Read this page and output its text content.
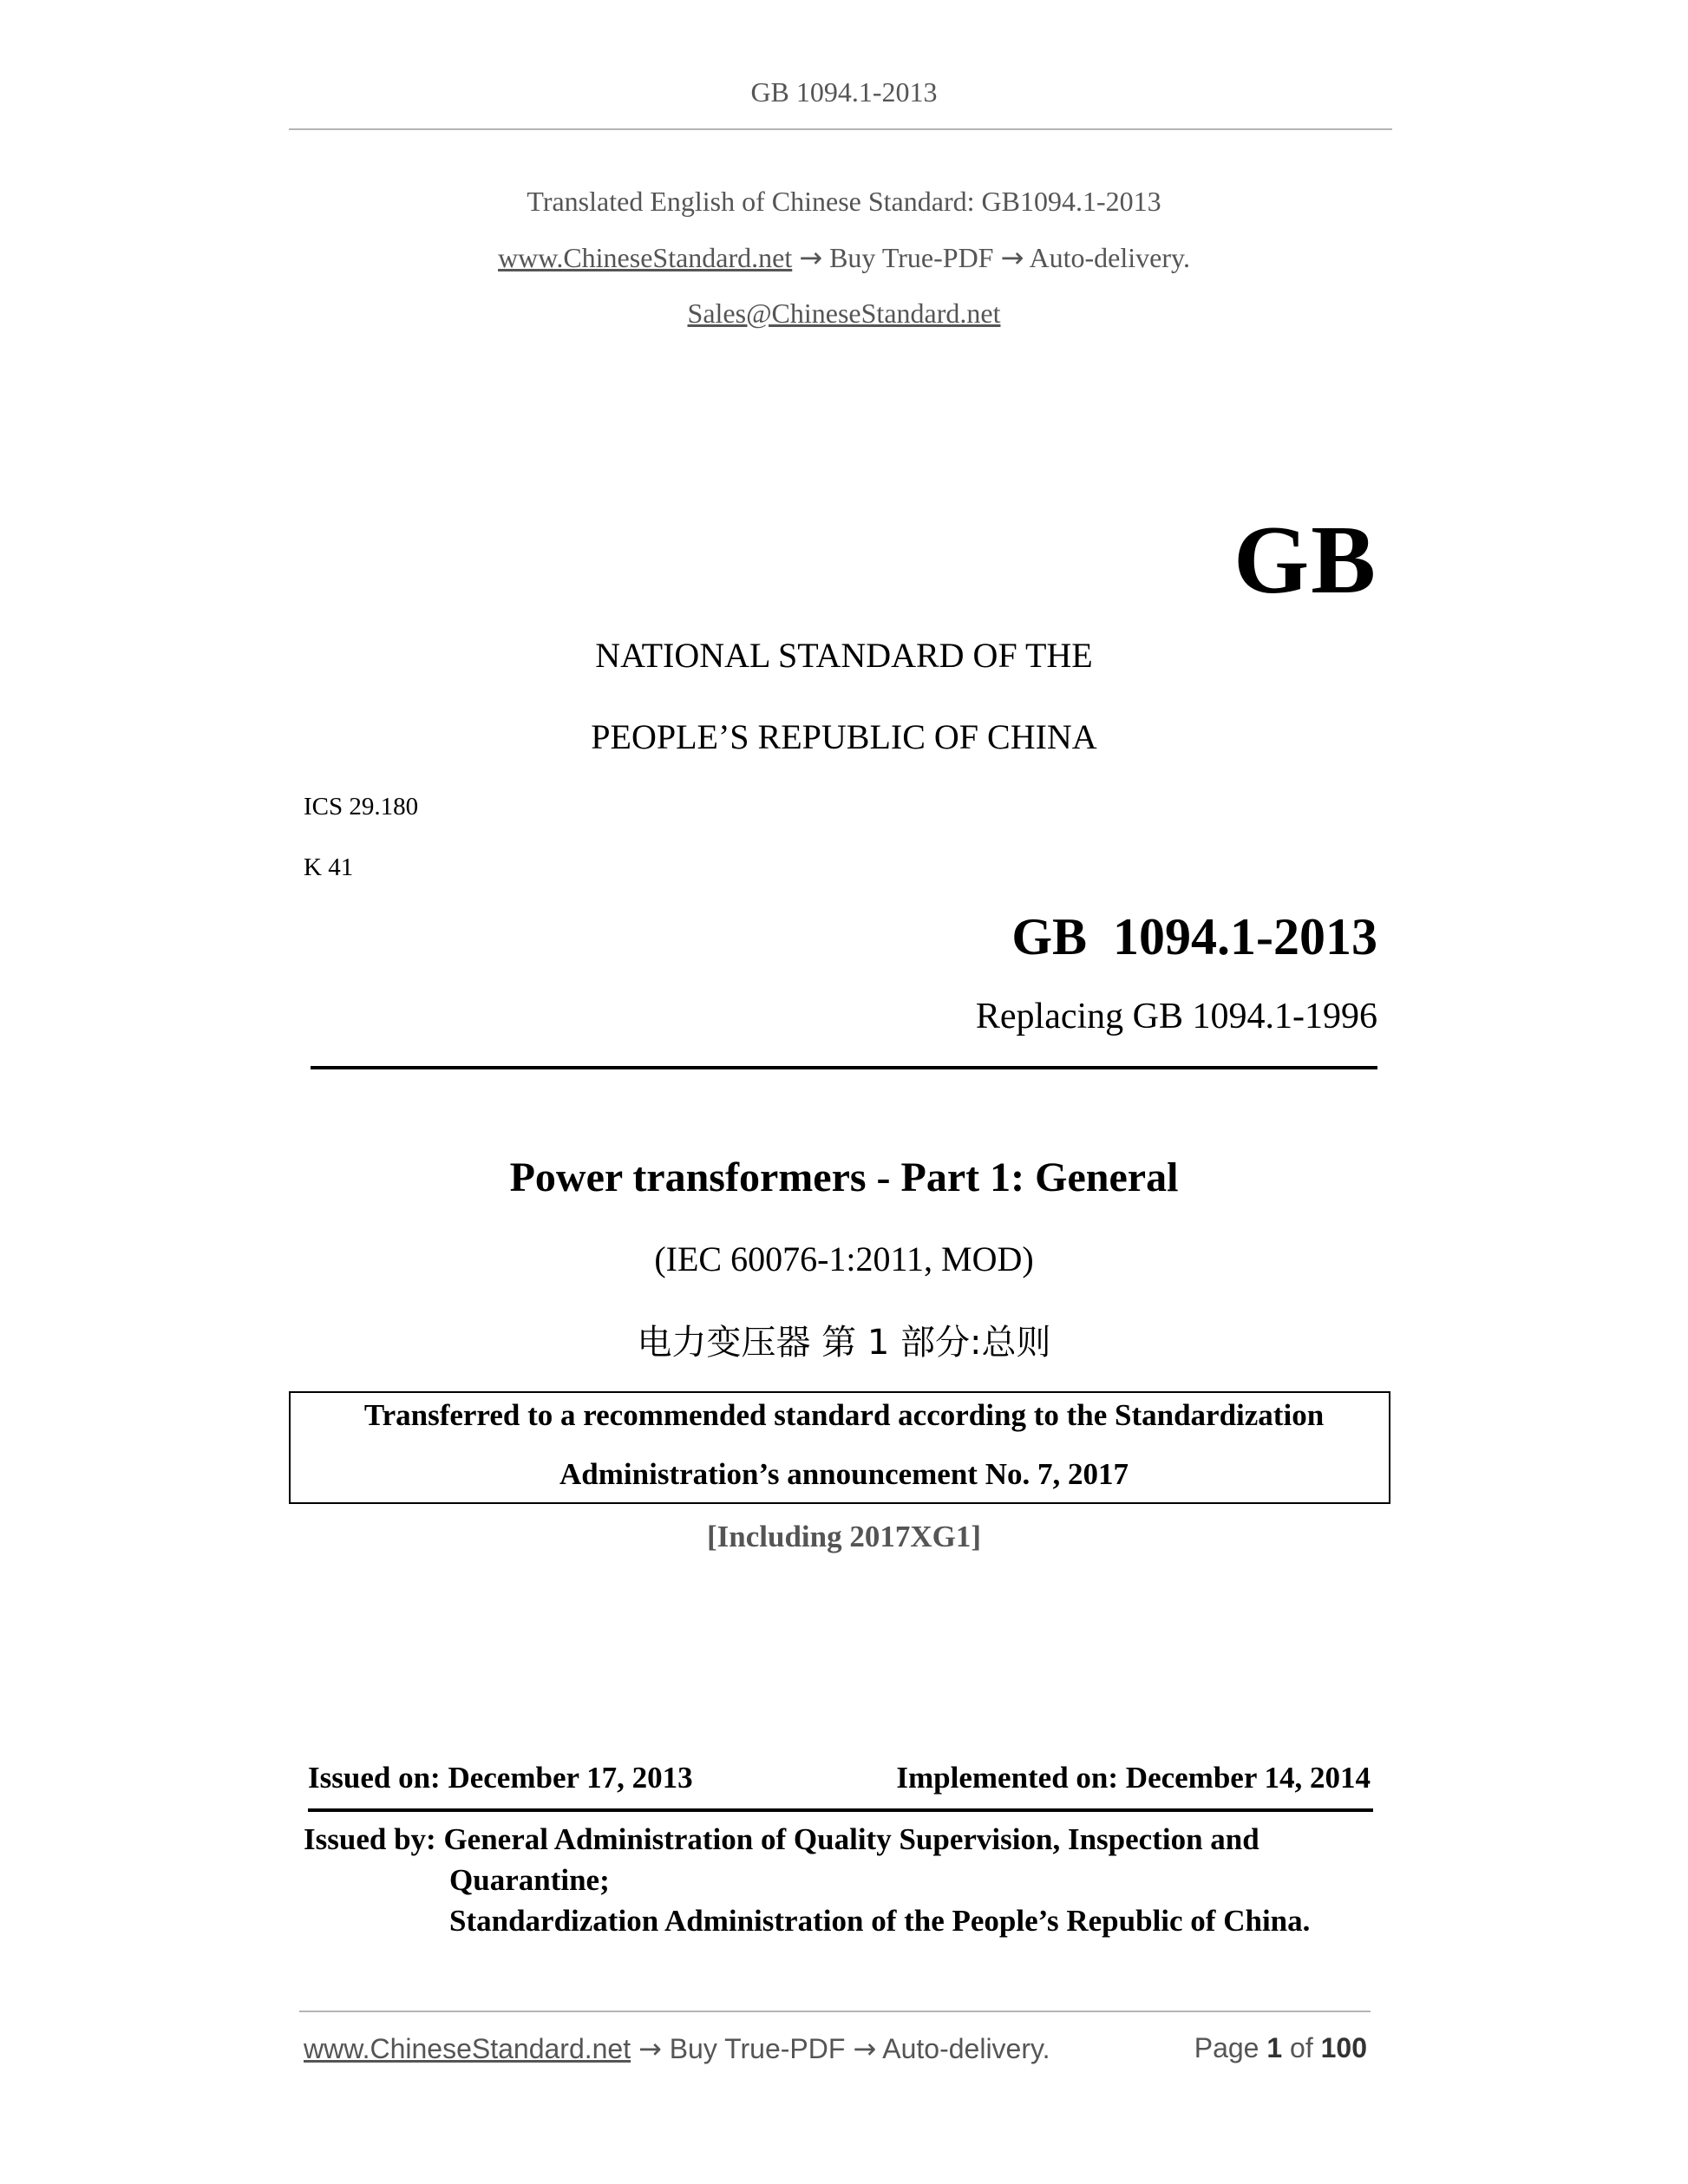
GB 1094.1-2013
Translated English of Chinese Standard: GB1094.1-2013
www.ChineseStandard.net → Buy True-PDF → Auto-delivery.
Sales@ChineseStandard.net
GB
NATIONAL STANDARD OF THE
PEOPLE’S REPUBLIC OF CHINA
ICS 29.180
K 41
GB  1094.1-2013
Replacing GB 1094.1-1996
Power transformers - Part 1: General
(IEC 60076-1:2011, MOD)
电力变压器 第 1 部分:总则
Transferred to a recommended standard according to the Standardization
Administration’s announcement No. 7, 2017
[Including 2017XG1]
Issued on: December 17, 2013	Implemented on: December 14, 2014
Issued by: General Administration of Quality Supervision, Inspection and
Quarantine;
Standardization Administration of the People’s Republic of China.
www.ChineseStandard.net → Buy True-PDF → Auto-delivery.	Page 1 of 100
